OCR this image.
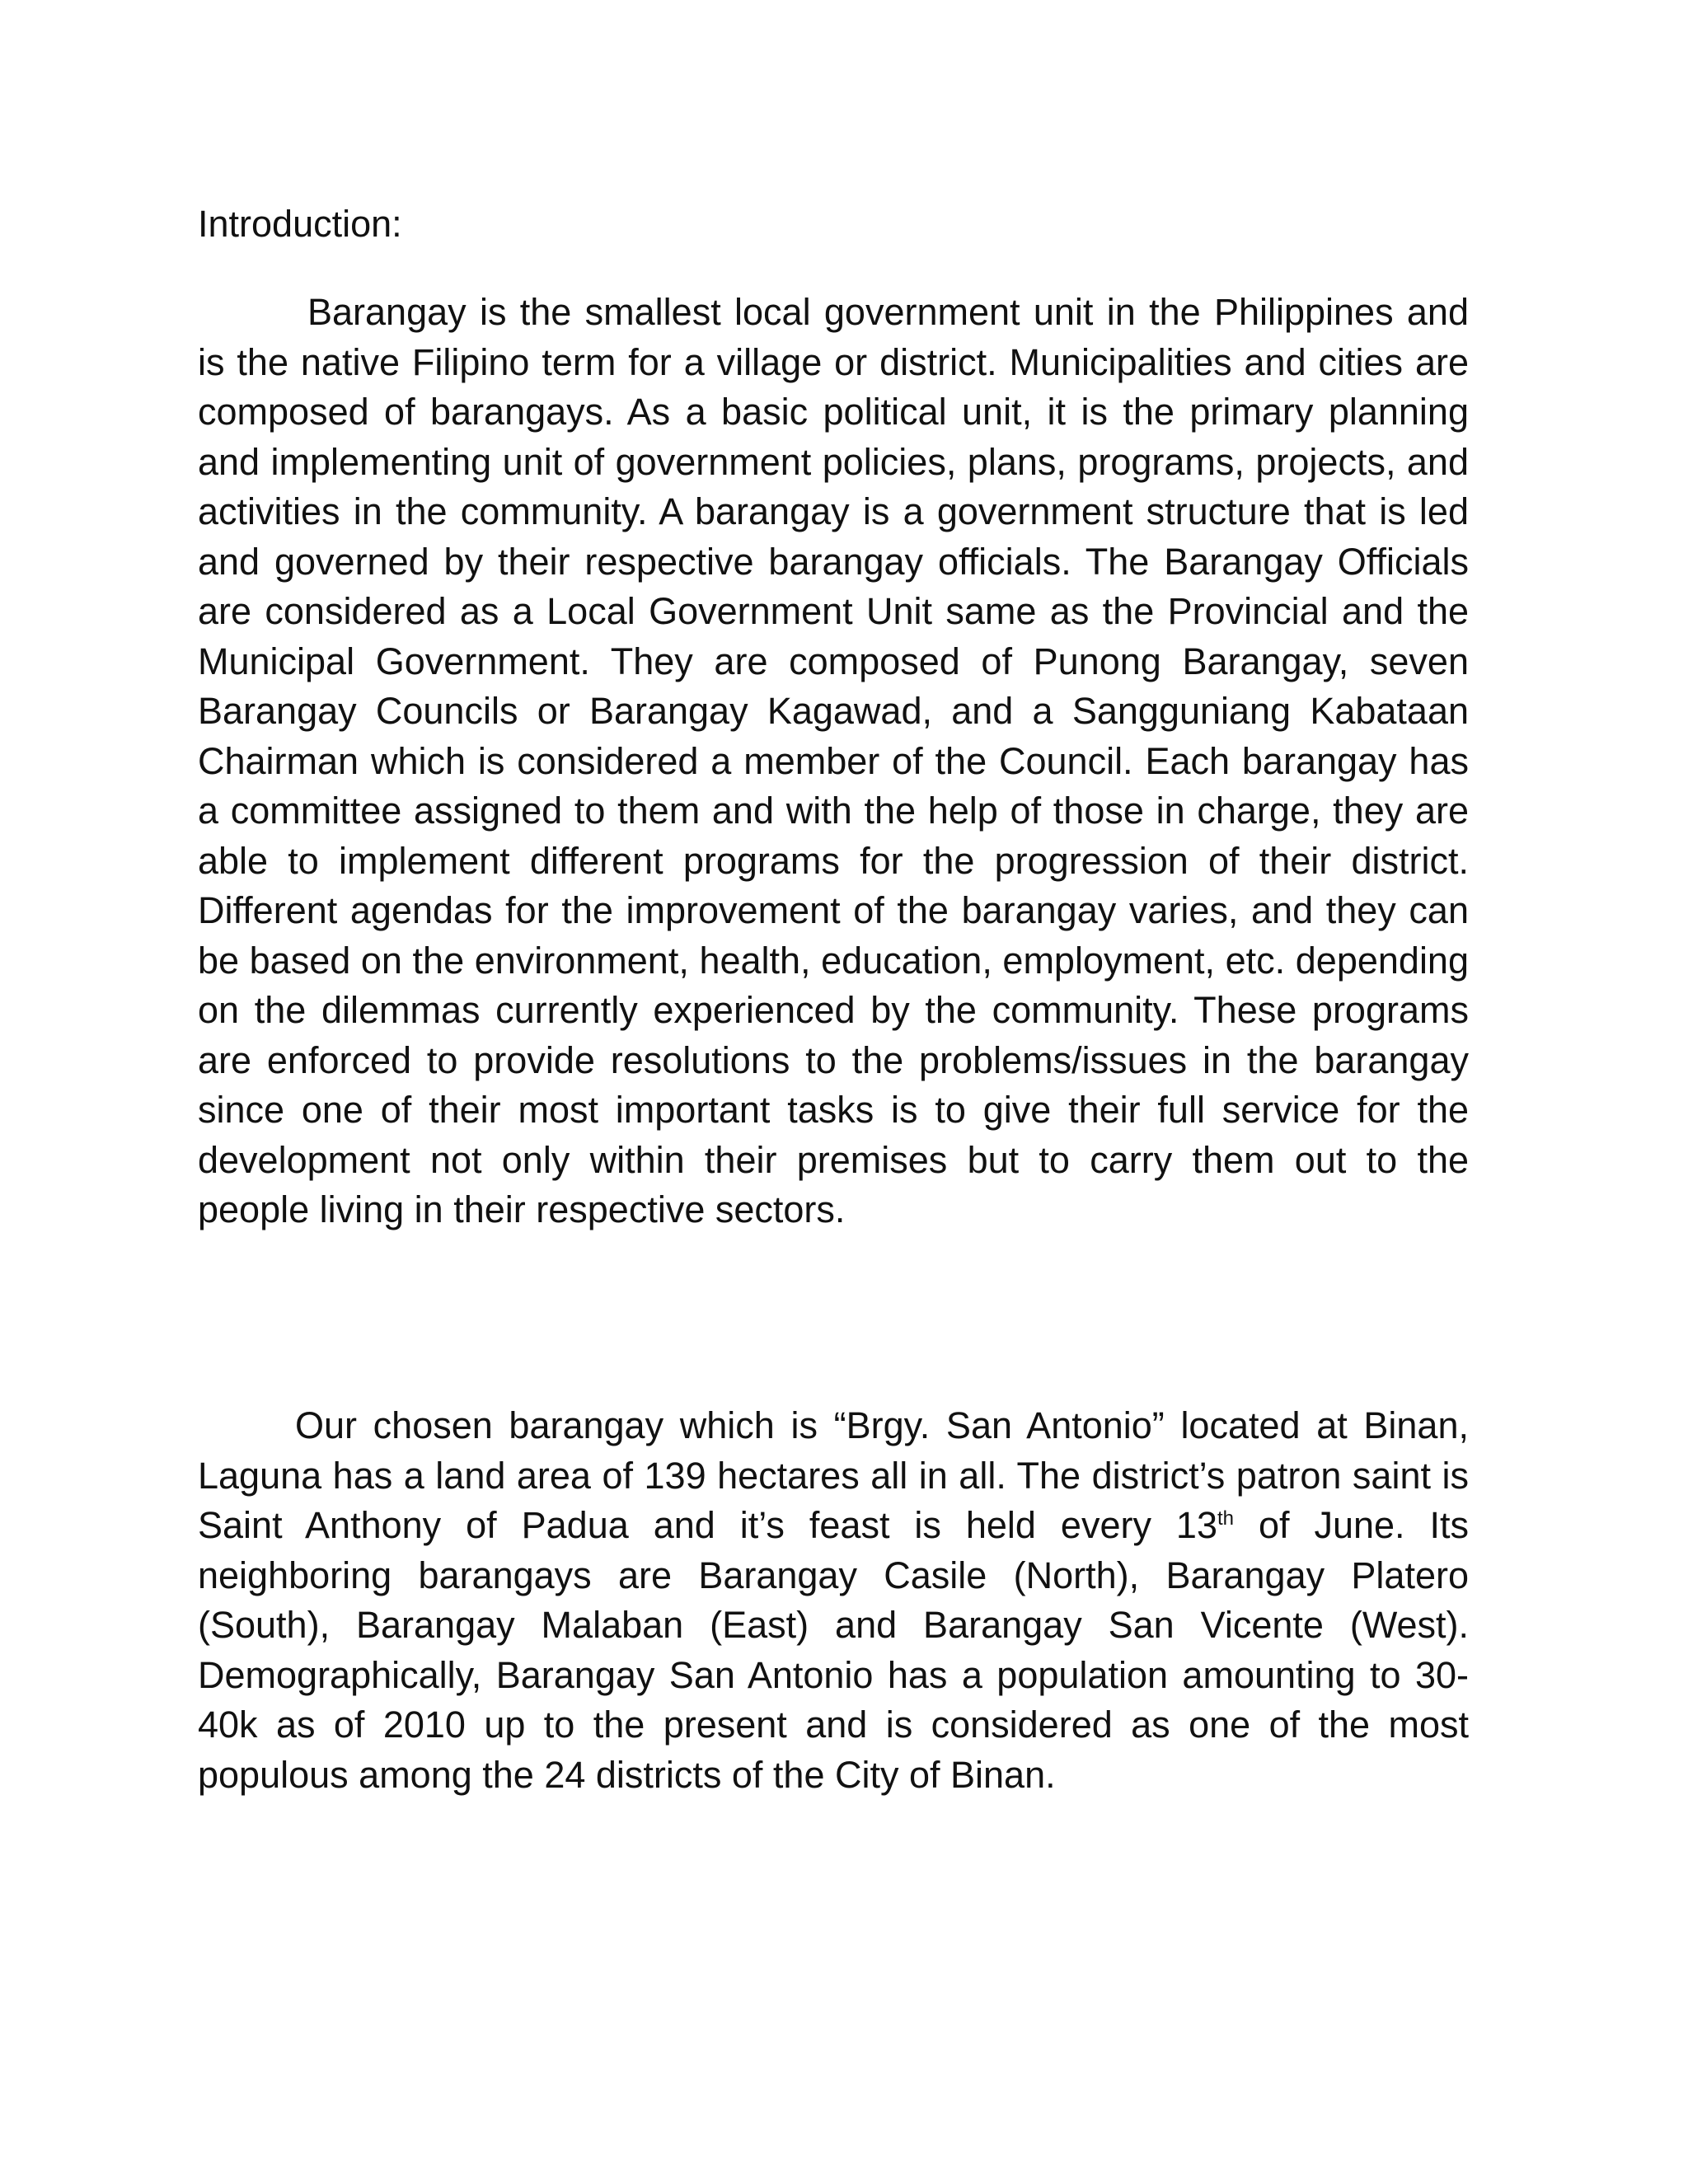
Introduction:

Barangay is the smallest local government unit in the Philippines and is the native Filipino term for a village or district. Municipalities and cities are composed of barangays. As a basic political unit, it is the primary planning and implementing unit of government policies, plans, programs, projects, and activities in the community. A barangay is a government structure that is led and governed by their respective barangay officials. The Barangay Officials are considered as a Local Government Unit same as the Provincial and the Municipal Government. They are composed of Punong Barangay, seven Barangay Councils or Barangay Kagawad, and a Sangguniang Kabataan Chairman which is considered a member of the Council. Each barangay has a committee assigned to them and with the help of those in charge, they are able to implement different programs for the progression of their district. Different agendas for the improvement of the barangay varies, and they can be based on the environment, health, education, employment, etc. depending on the dilemmas currently experienced by the community. These programs are enforced to provide resolutions to the problems/issues in the barangay since one of their most important tasks is to give their full service for the development not only within their premises but to carry them out to the people living in their respective sectors.

Our chosen barangay which is “Brgy. San Antonio” located at Binan, Laguna has a land area of 139 hectares all in all. The district’s patron saint is Saint Anthony of Padua and it’s feast is held every 13th of June. Its neighboring barangays are Barangay Casile (North), Barangay Platero (South), Barangay Malaban (East) and Barangay San Vicente (West). Demographically, Barangay San Antonio has a population amounting to 30-40k as of 2010 up to the present and is considered as one of the most populous among the 24 districts of the City of Binan.
